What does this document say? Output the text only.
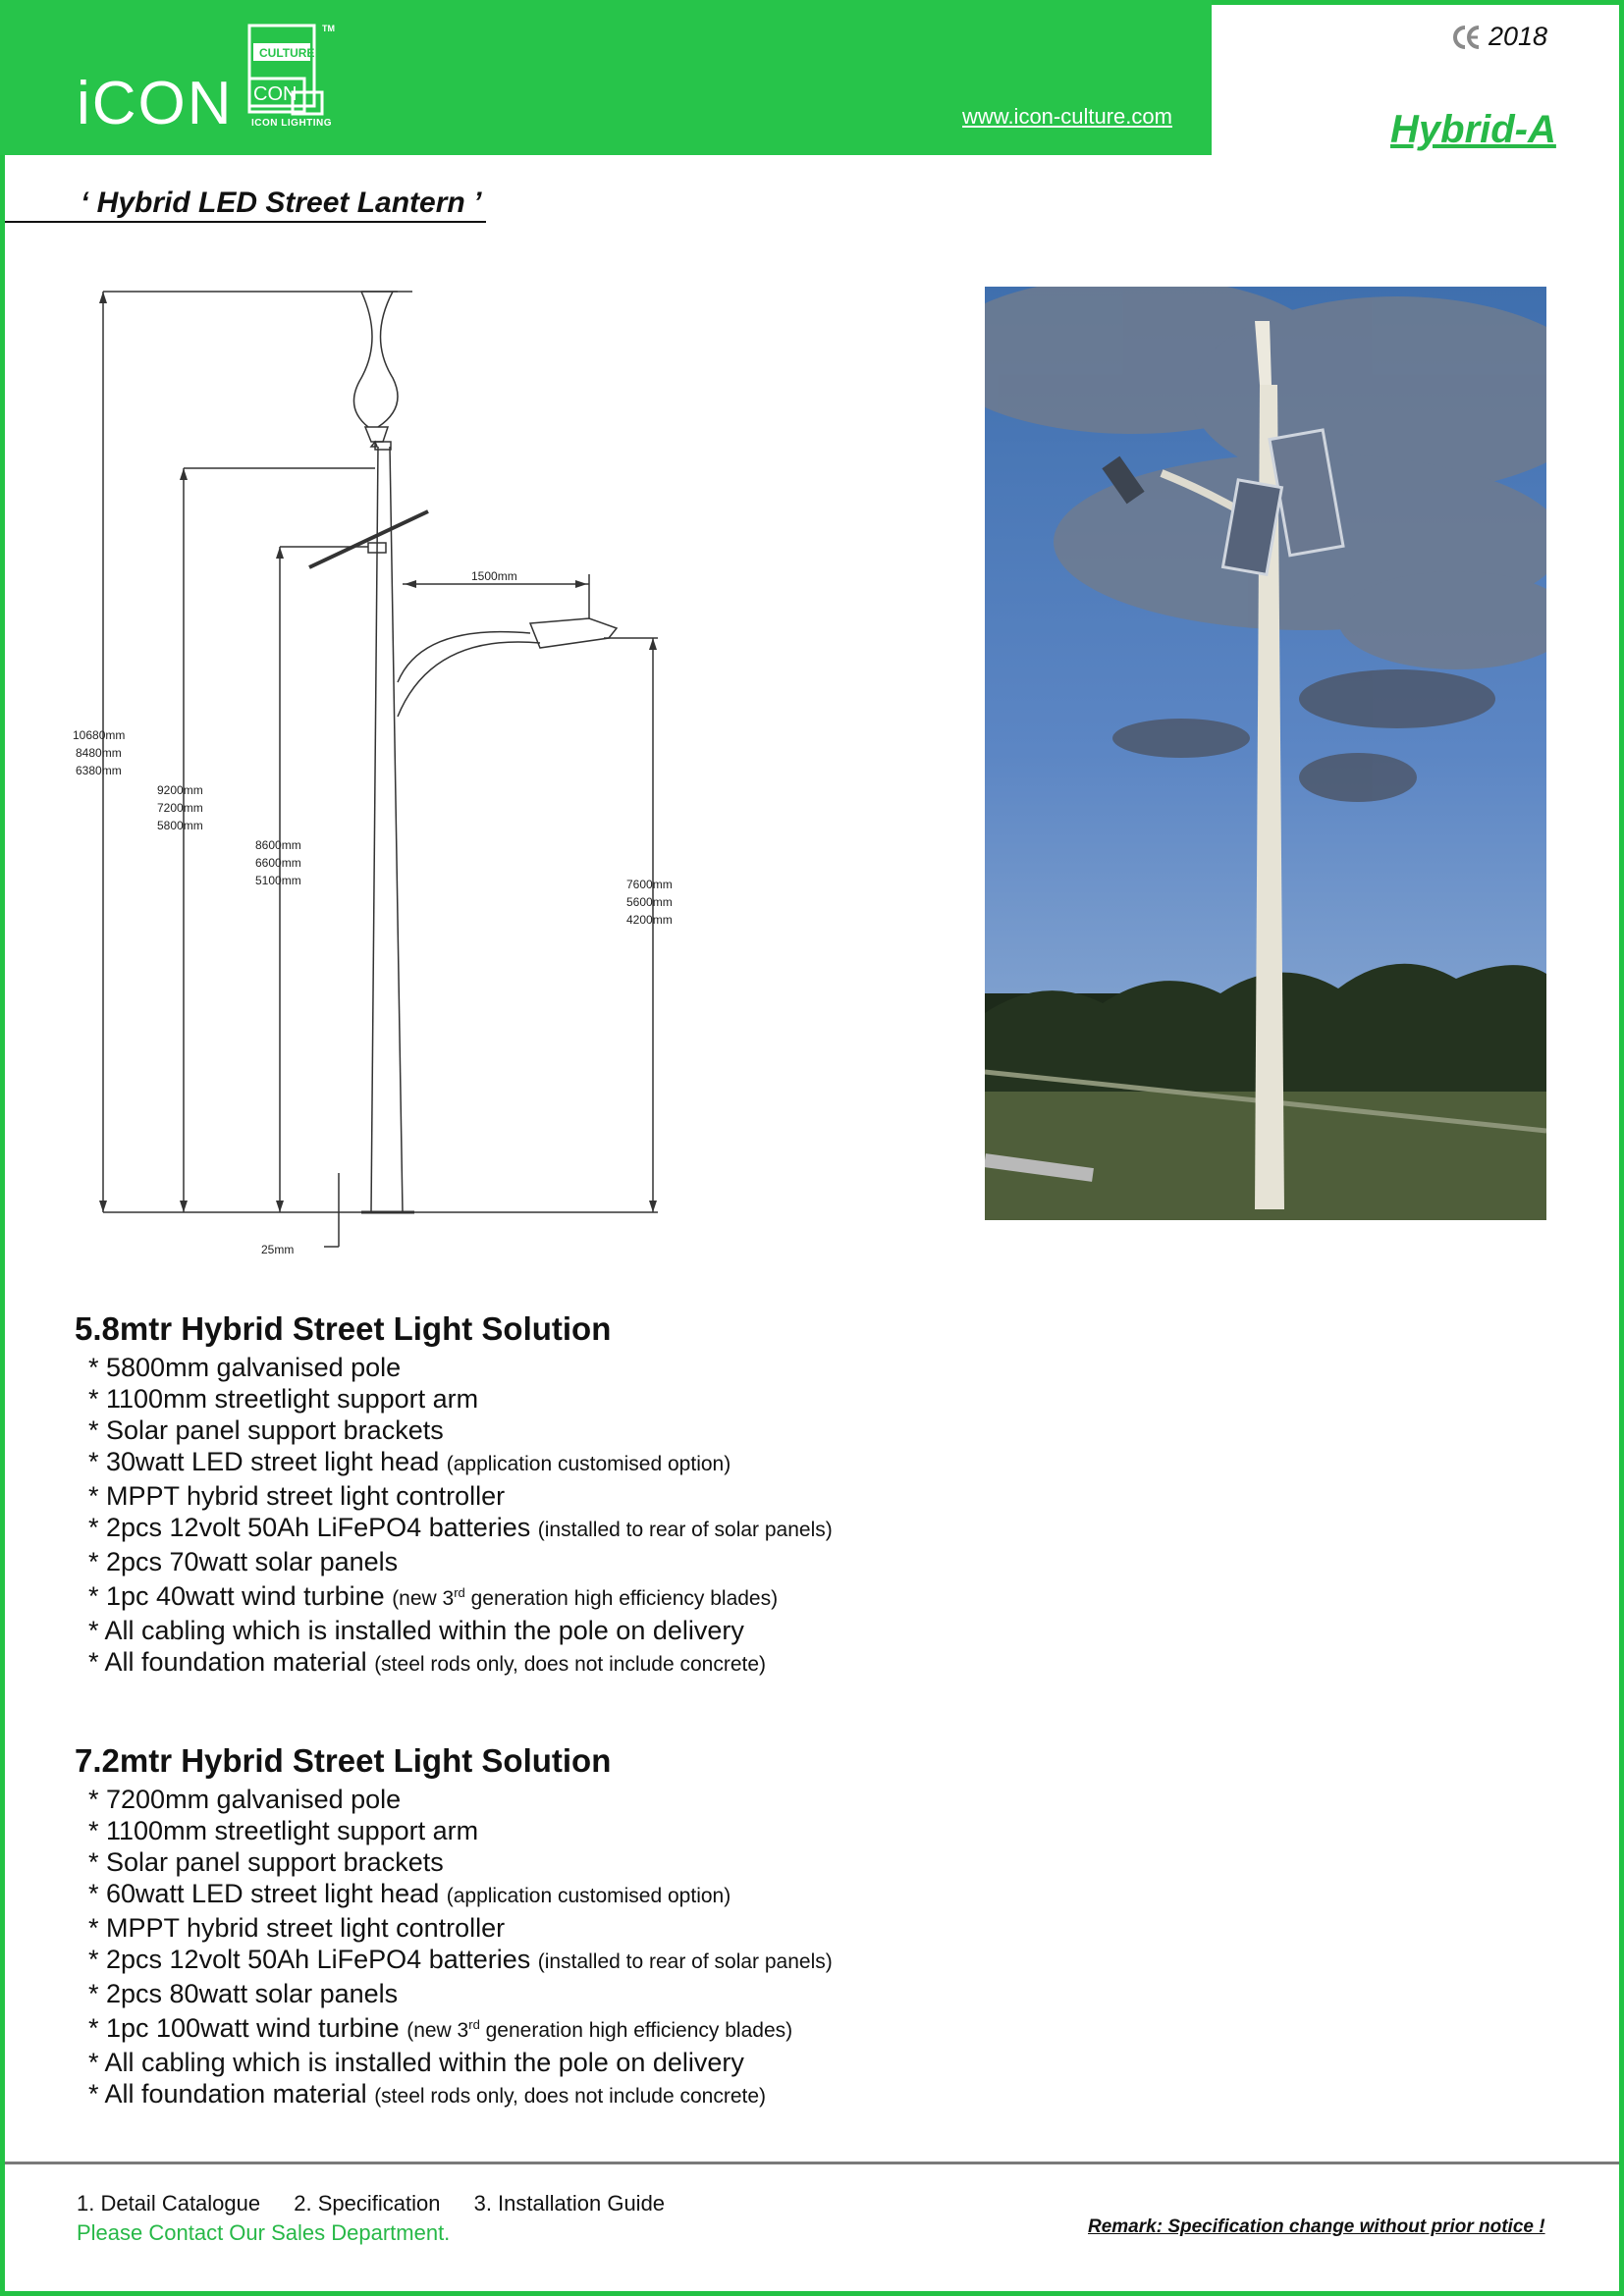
iCON
CULTURE
CON
TM
ICON LIGHTING	www.icon-culture.com
2018
Hybrid-A
‘ Hybrid LED Street Lantern ’
1500mm
25mm
10680mm
8480mm
6380mm
9200mm
7200mm
5800mm
8600mm
6600mm
5100mm	7600mm
5600mm
4200mm
5.8mtr Hybrid Street Light Solution
* 5800mm galvanised pole
* 1100mm streetlight support arm
* Solar panel support brackets
* 30watt LED street light head (application customised option)
* MPPT hybrid street light controller
* 2pcs 12volt 50Ah LiFePO4 batteries (installed to rear of solar panels)
* 2pcs 70watt solar panels
* 1pc 40watt wind turbine (new 3rd generation high efficiency blades)
* All cabling which is installed within the pole on delivery
* All foundation material (steel rods only, does not include concrete)
7.2mtr Hybrid Street Light Solution
* 7200mm galvanised pole
* 1100mm streetlight support arm
* Solar panel support brackets
* 60watt LED street light head (application customised option)
* MPPT hybrid street light controller
* 2pcs 12volt 50Ah LiFePO4 batteries (installed to rear of solar panels)
* 2pcs 80watt solar panels
* 1pc 100watt wind turbine (new 3rd generation high efficiency blades)
* All cabling which is installed within the pole on delivery
* All foundation material (steel rods only, does not include concrete)
1. Detail Catalogue 2. Specification 3. Installation Guide
Please Contact Our Sales Department.	Remark: Specification change without prior notice !
